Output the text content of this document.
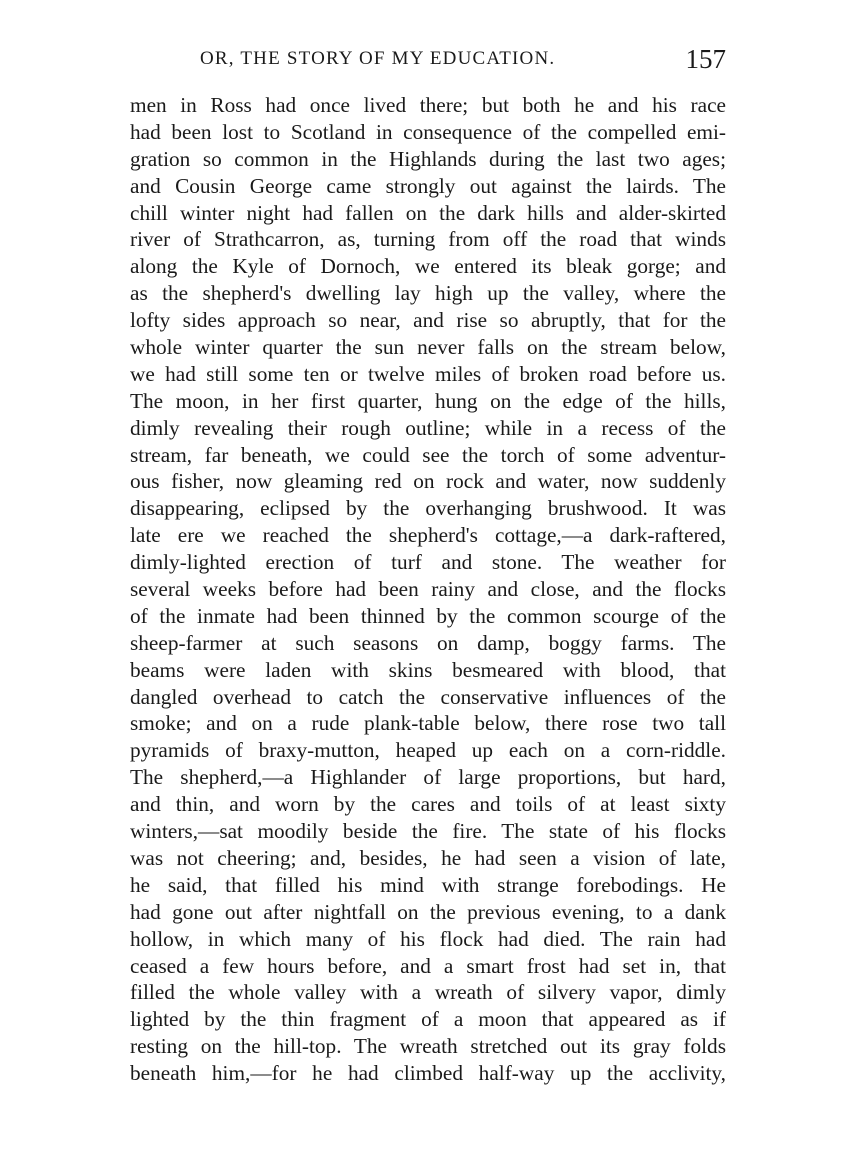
OR, THE STORY OF MY EDUCATION.	157
men in Ross had once lived there; but both he and his race
had been lost to Scotland in consequence of the compelled emi-
gration so common in the Highlands during the last two ages;
and Cousin George came strongly out against the lairds. The
chill winter night had fallen on the dark hills and alder-skirted
river of Strathcarron, as, turning from off the road that winds
along the Kyle of Dornoch, we entered its bleak gorge; and
as the shepherd's dwelling lay high up the valley, where the
lofty sides approach so near, and rise so abruptly, that for the
whole winter quarter the sun never falls on the stream below,
we had still some ten or twelve miles of broken road before us.
The moon, in her first quarter, hung on the edge of the hills,
dimly revealing their rough outline; while in a recess of the
stream, far beneath, we could see the torch of some adventur-
ous fisher, now gleaming red on rock and water, now suddenly
disappearing, eclipsed by the overhanging brushwood. It was
late ere we reached the shepherd's cottage,—a dark-raftered,
dimly-lighted erection of turf and stone. The weather for
several weeks before had been rainy and close, and the flocks
of the inmate had been thinned by the common scourge of the
sheep-farmer at such seasons on damp, boggy farms. The
beams were laden with skins besmeared with blood, that
dangled overhead to catch the conservative influences of the
smoke; and on a rude plank-table below, there rose two tall
pyramids of braxy-mutton, heaped up each on a corn-riddle.
The shepherd,—a Highlander of large proportions, but hard,
and thin, and worn by the cares and toils of at least sixty
winters,—sat moodily beside the fire. The state of his flocks
was not cheering; and, besides, he had seen a vision of late,
he said, that filled his mind with strange forebodings. He
had gone out after nightfall on the previous evening, to a dank
hollow, in which many of his flock had died. The rain had
ceased a few hours before, and a smart frost had set in, that
filled the whole valley with a wreath of silvery vapor, dimly
lighted by the thin fragment of a moon that appeared as if
resting on the hill-top. The wreath stretched out its gray folds
beneath him,—for he had climbed half-way up the acclivity,
